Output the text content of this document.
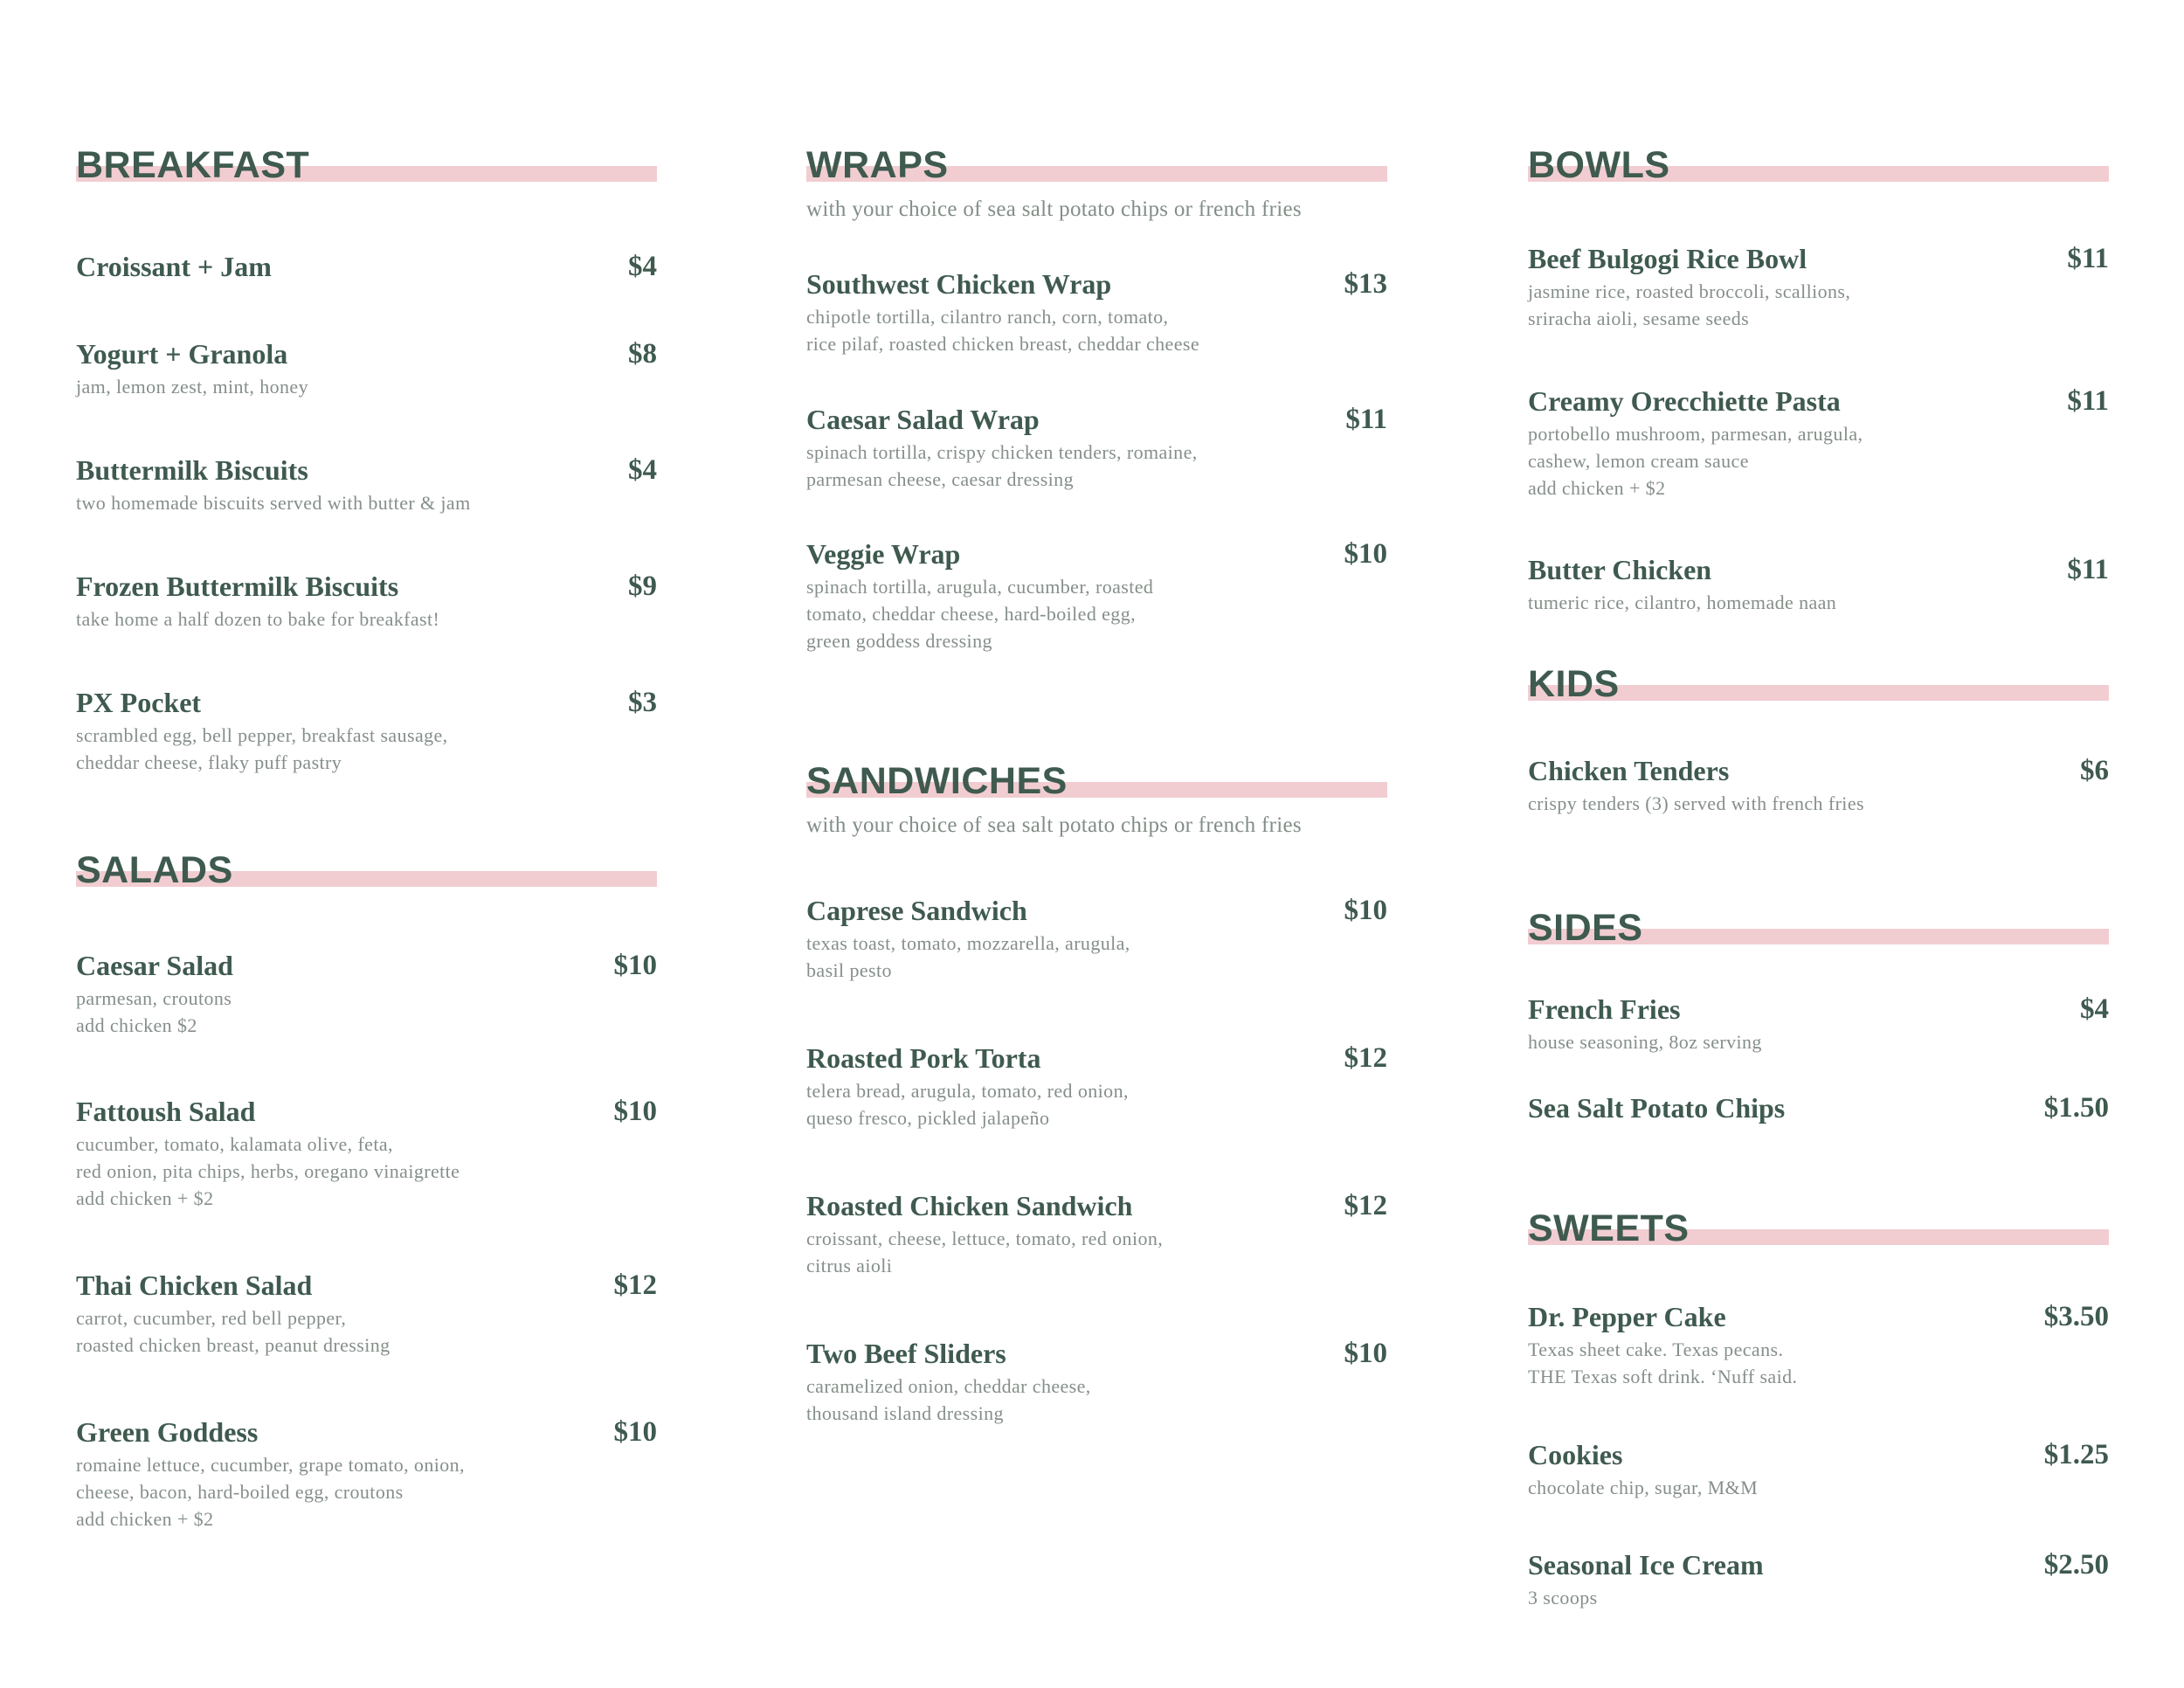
BREAKFAST
Croissant + Jam	$4
Yogurt + Granola	$8
jam, lemon zest, mint, honey
Buttermilk Biscuits	$4
two homemade biscuits served with butter & jam
Frozen Buttermilk Biscuits	$9
take home a half dozen to bake for breakfast!
PX Pocket	$3
scrambled egg, bell pepper, breakfast sausage,
cheddar cheese, flaky puff pastry
SALADS
Caesar Salad	$10
parmesan, croutons
add chicken $2
Fattoush Salad	$10
cucumber, tomato, kalamata olive, feta,
red onion, pita chips, herbs, oregano vinaigrette
add chicken + $2
Thai Chicken Salad	$12
carrot, cucumber, red bell pepper,
roasted chicken breast, peanut dressing
Green Goddess	$10
romaine lettuce, cucumber, grape tomato, onion,
cheese, bacon, hard-boiled egg, croutons
add chicken + $2
WRAPS
with your choice of sea salt potato chips or french fries
Southwest Chicken Wrap	$13
chipotle tortilla, cilantro ranch, corn, tomato,
rice pilaf, roasted chicken breast, cheddar cheese
Caesar Salad Wrap	$11
spinach tortilla, crispy chicken tenders, romaine,
parmesan cheese, caesar dressing
Veggie Wrap	$10
spinach tortilla, arugula, cucumber, roasted
tomato, cheddar cheese, hard-boiled egg,
green goddess dressing
SANDWICHES
with your choice of sea salt potato chips or french fries
Caprese Sandwich	$10
texas toast, tomato, mozzarella, arugula,
basil pesto
Roasted Pork Torta	$12
telera bread, arugula, tomato, red onion,
queso fresco, pickled jalapeño
Roasted Chicken Sandwich	$12
croissant, cheese, lettuce, tomato, red onion,
citrus aioli
Two Beef Sliders	$10
caramelized onion, cheddar cheese,
thousand island dressing
BOWLS
Beef Bulgogi Rice Bowl	$11
jasmine rice, roasted broccoli, scallions,
sriracha aioli, sesame seeds
Creamy Orecchiette Pasta	$11
portobello mushroom, parmesan, arugula,
cashew, lemon cream sauce
add chicken + $2
Butter Chicken	$11
tumeric rice, cilantro, homemade naan
KIDS
Chicken Tenders	$6
crispy tenders (3) served with french fries
SIDES
French Fries	$4
house seasoning, 8oz serving
Sea Salt Potato Chips	$1.50
SWEETS
Dr. Pepper Cake	$3.50
Texas sheet cake. Texas pecans.
THE Texas soft drink. ‘Nuff said.
Cookies	$1.25
chocolate chip, sugar, M&M
Seasonal Ice Cream	$2.50
3 scoops
